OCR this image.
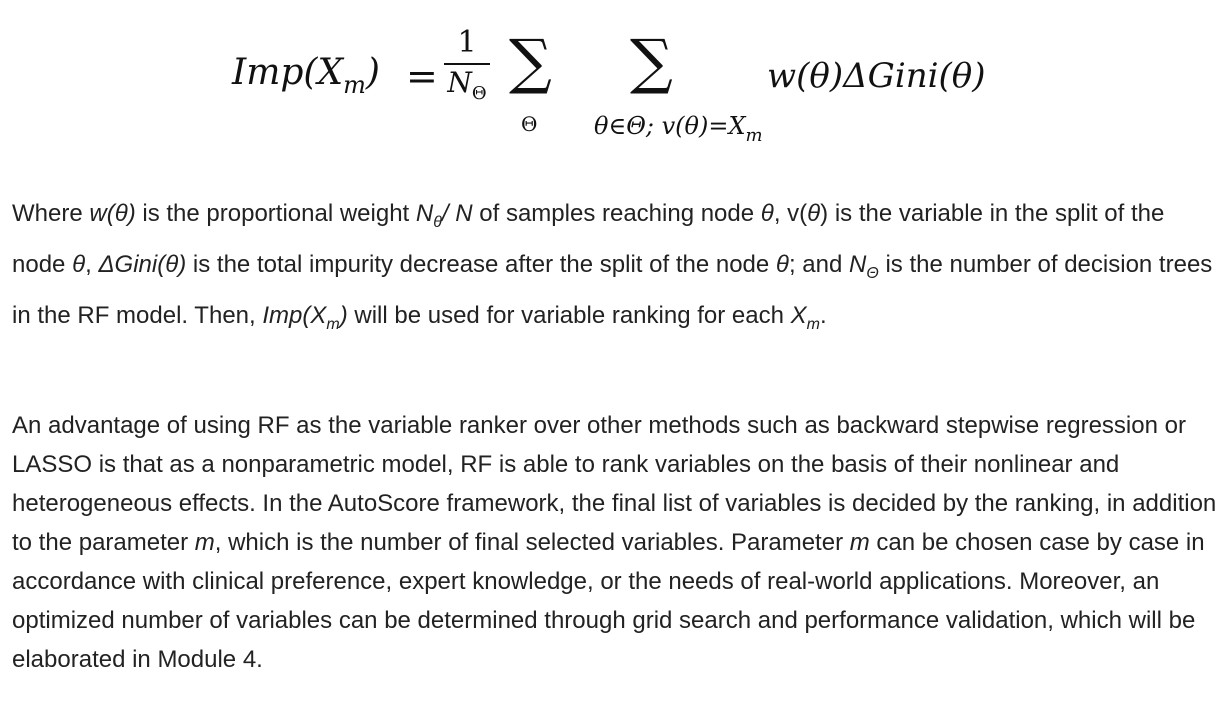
$Imp(X_m)$ =
1
$N_\Theta$ ∑
Θ
∑
θ∈Θ; $v(\theta)=X_m$
w(θ)ΔGini(θ)

Where w(θ) is the proportional weight $N_\theta/$ N of samples reaching node θ, v(θ) is the variable in the split of the node θ, ΔGini(θ) is the total impurity decrease after the split of the node θ; and $N_\Theta$ is the number of decision trees in the RF model. Then, $Imp(X_m)$ will be used for variable ranking for each $X_m$.

An advantage of using RF as the variable ranker over other methods such as backward stepwise regression or LASSO is that as a nonparametric model, RF is able to rank variables on the basis of their nonlinear and heterogeneous effects. In the AutoScore framework, the final list of variables is decided by the ranking, in addition to the parameter m, which is the number of final selected variables. Parameter m can be chosen case by case in accordance with clinical preference, expert knowledge, or the needs of real-world applications. Moreover, an optimized number of variables can be determined through grid search and performance validation, which will be elaborated in Module 4.
